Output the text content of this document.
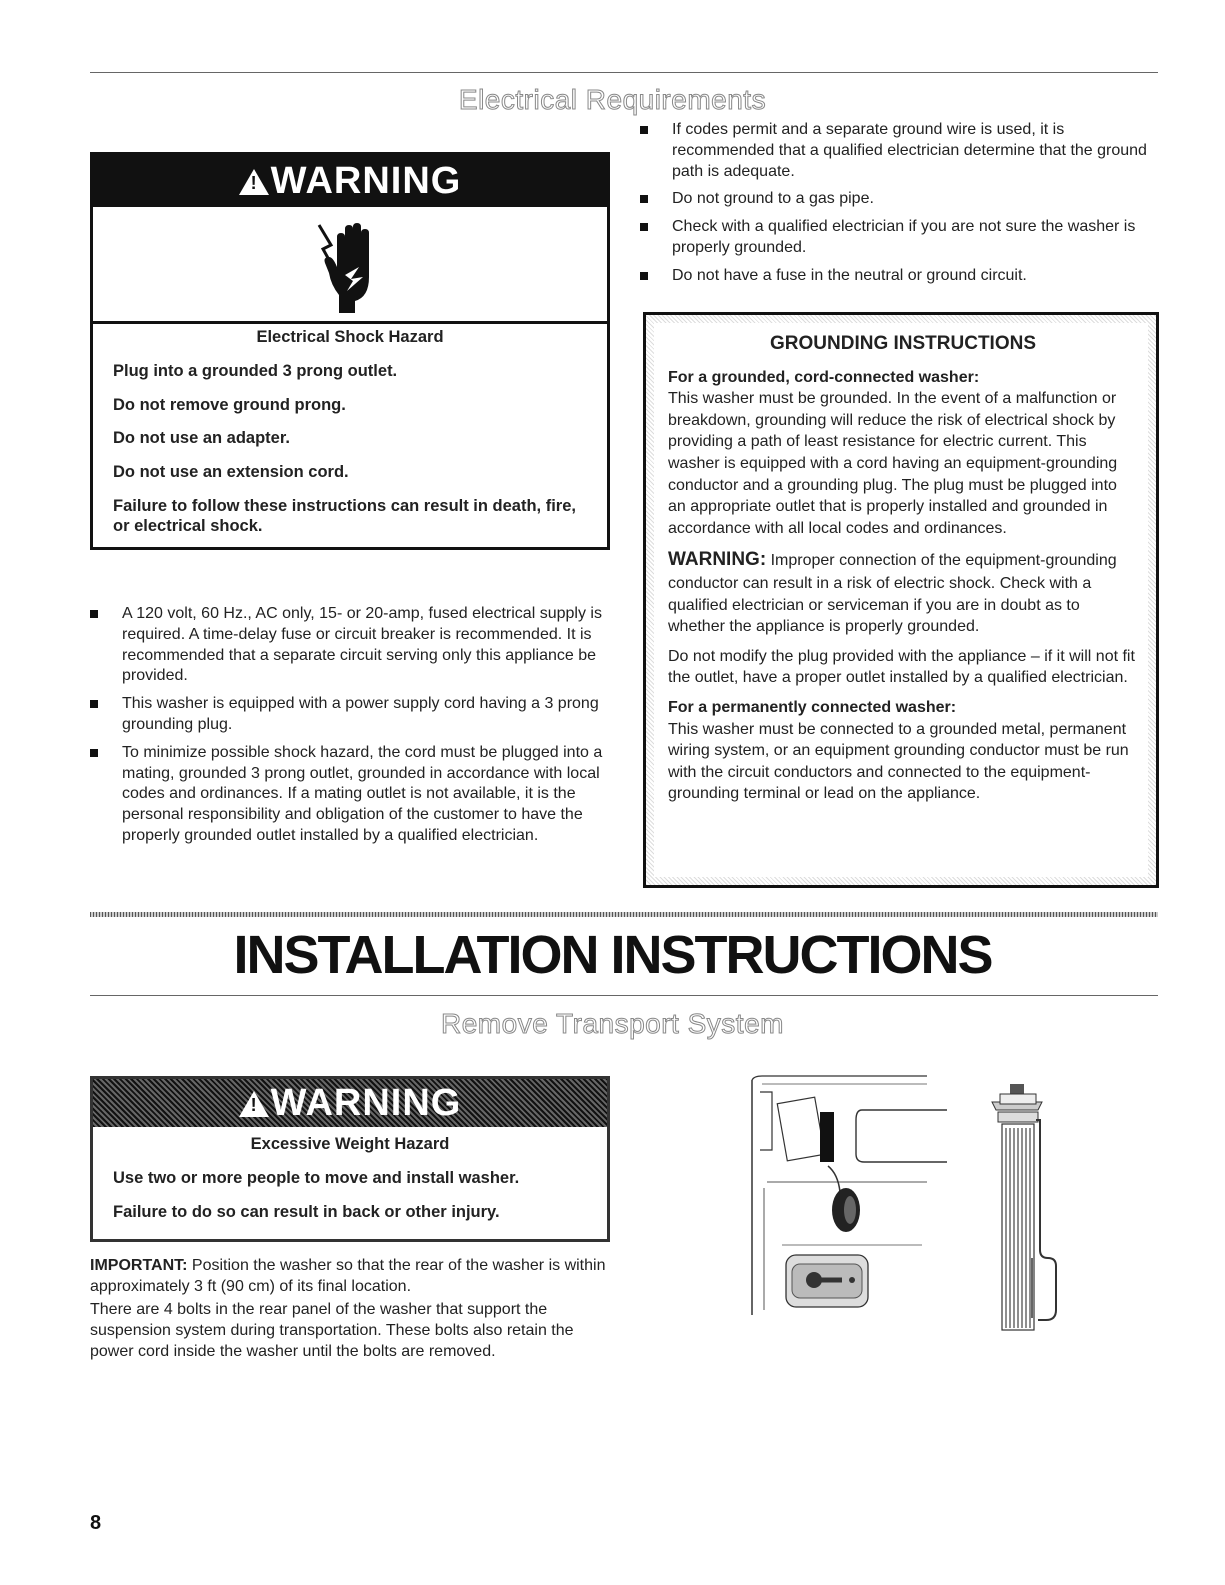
Electrical Requirements
! WARNING
Electrical Shock Hazard

Plug into a grounded 3 prong outlet.

Do not remove ground prong.

Do not use an adapter.

Do not use an extension cord.

Failure to follow these instructions can result in death, fire, or electrical shock.

A 120 volt, 60 Hz., AC only, 15- or 20-amp, fused electrical supply is required. A time-delay fuse or circuit breaker is recommended. It is recommended that a separate circuit serving only this appliance be provided.
This washer is equipped with a power supply cord having a 3 prong grounding plug.
To minimize possible shock hazard, the cord must be plugged into a mating, grounded 3 prong outlet, grounded in accordance with local codes and ordinances. If a mating outlet is not available, it is the personal responsibility and obligation of the customer to have the properly grounded outlet installed by a qualified electrician.
If codes permit and a separate ground wire is used, it is recommended that a qualified electrician determine that the ground path is adequate.
Do not ground to a gas pipe.
Check with a qualified electrician if you are not sure the washer is properly grounded.
Do not have a fuse in the neutral or ground circuit.
GROUNDING INSTRUCTIONS
For a grounded, cord-connected washer:

This washer must be grounded. In the event of a malfunction or breakdown, grounding will reduce the risk of electrical shock by providing a path of least resistance for electric current. This washer is equipped with a cord having an equipment-grounding conductor and a grounding plug. The plug must be plugged into an appropriate outlet that is properly installed and grounded in accordance with all local codes and ordinances.

WARNING: Improper connection of the equipment-grounding conductor can result in a risk of electric shock. Check with a qualified electrician or serviceman if you are in doubt as to whether the appliance is properly grounded.

Do not modify the plug provided with the appliance – if it will not fit the outlet, have a proper outlet installed by a qualified electrician.

For a permanently connected washer:

This washer must be connected to a grounded metal, permanent wiring system, or an equipment grounding conductor must be run with the circuit conductors and connected to the equipment-grounding terminal or lead on the appliance.

INSTALLATION INSTRUCTIONS
Remove Transport System
! WARNING
Excessive Weight Hazard

Use two or more people to move and install washer.

Failure to do so can result in back or other injury.

IMPORTANT: Position the washer so that the rear of the washer is within approximately 3 ft (90 cm) of its final location.

There are 4 bolts in the rear panel of the washer that support the suspension system during transportation. These bolts also retain the power cord inside the washer until the bolts are removed.

8
